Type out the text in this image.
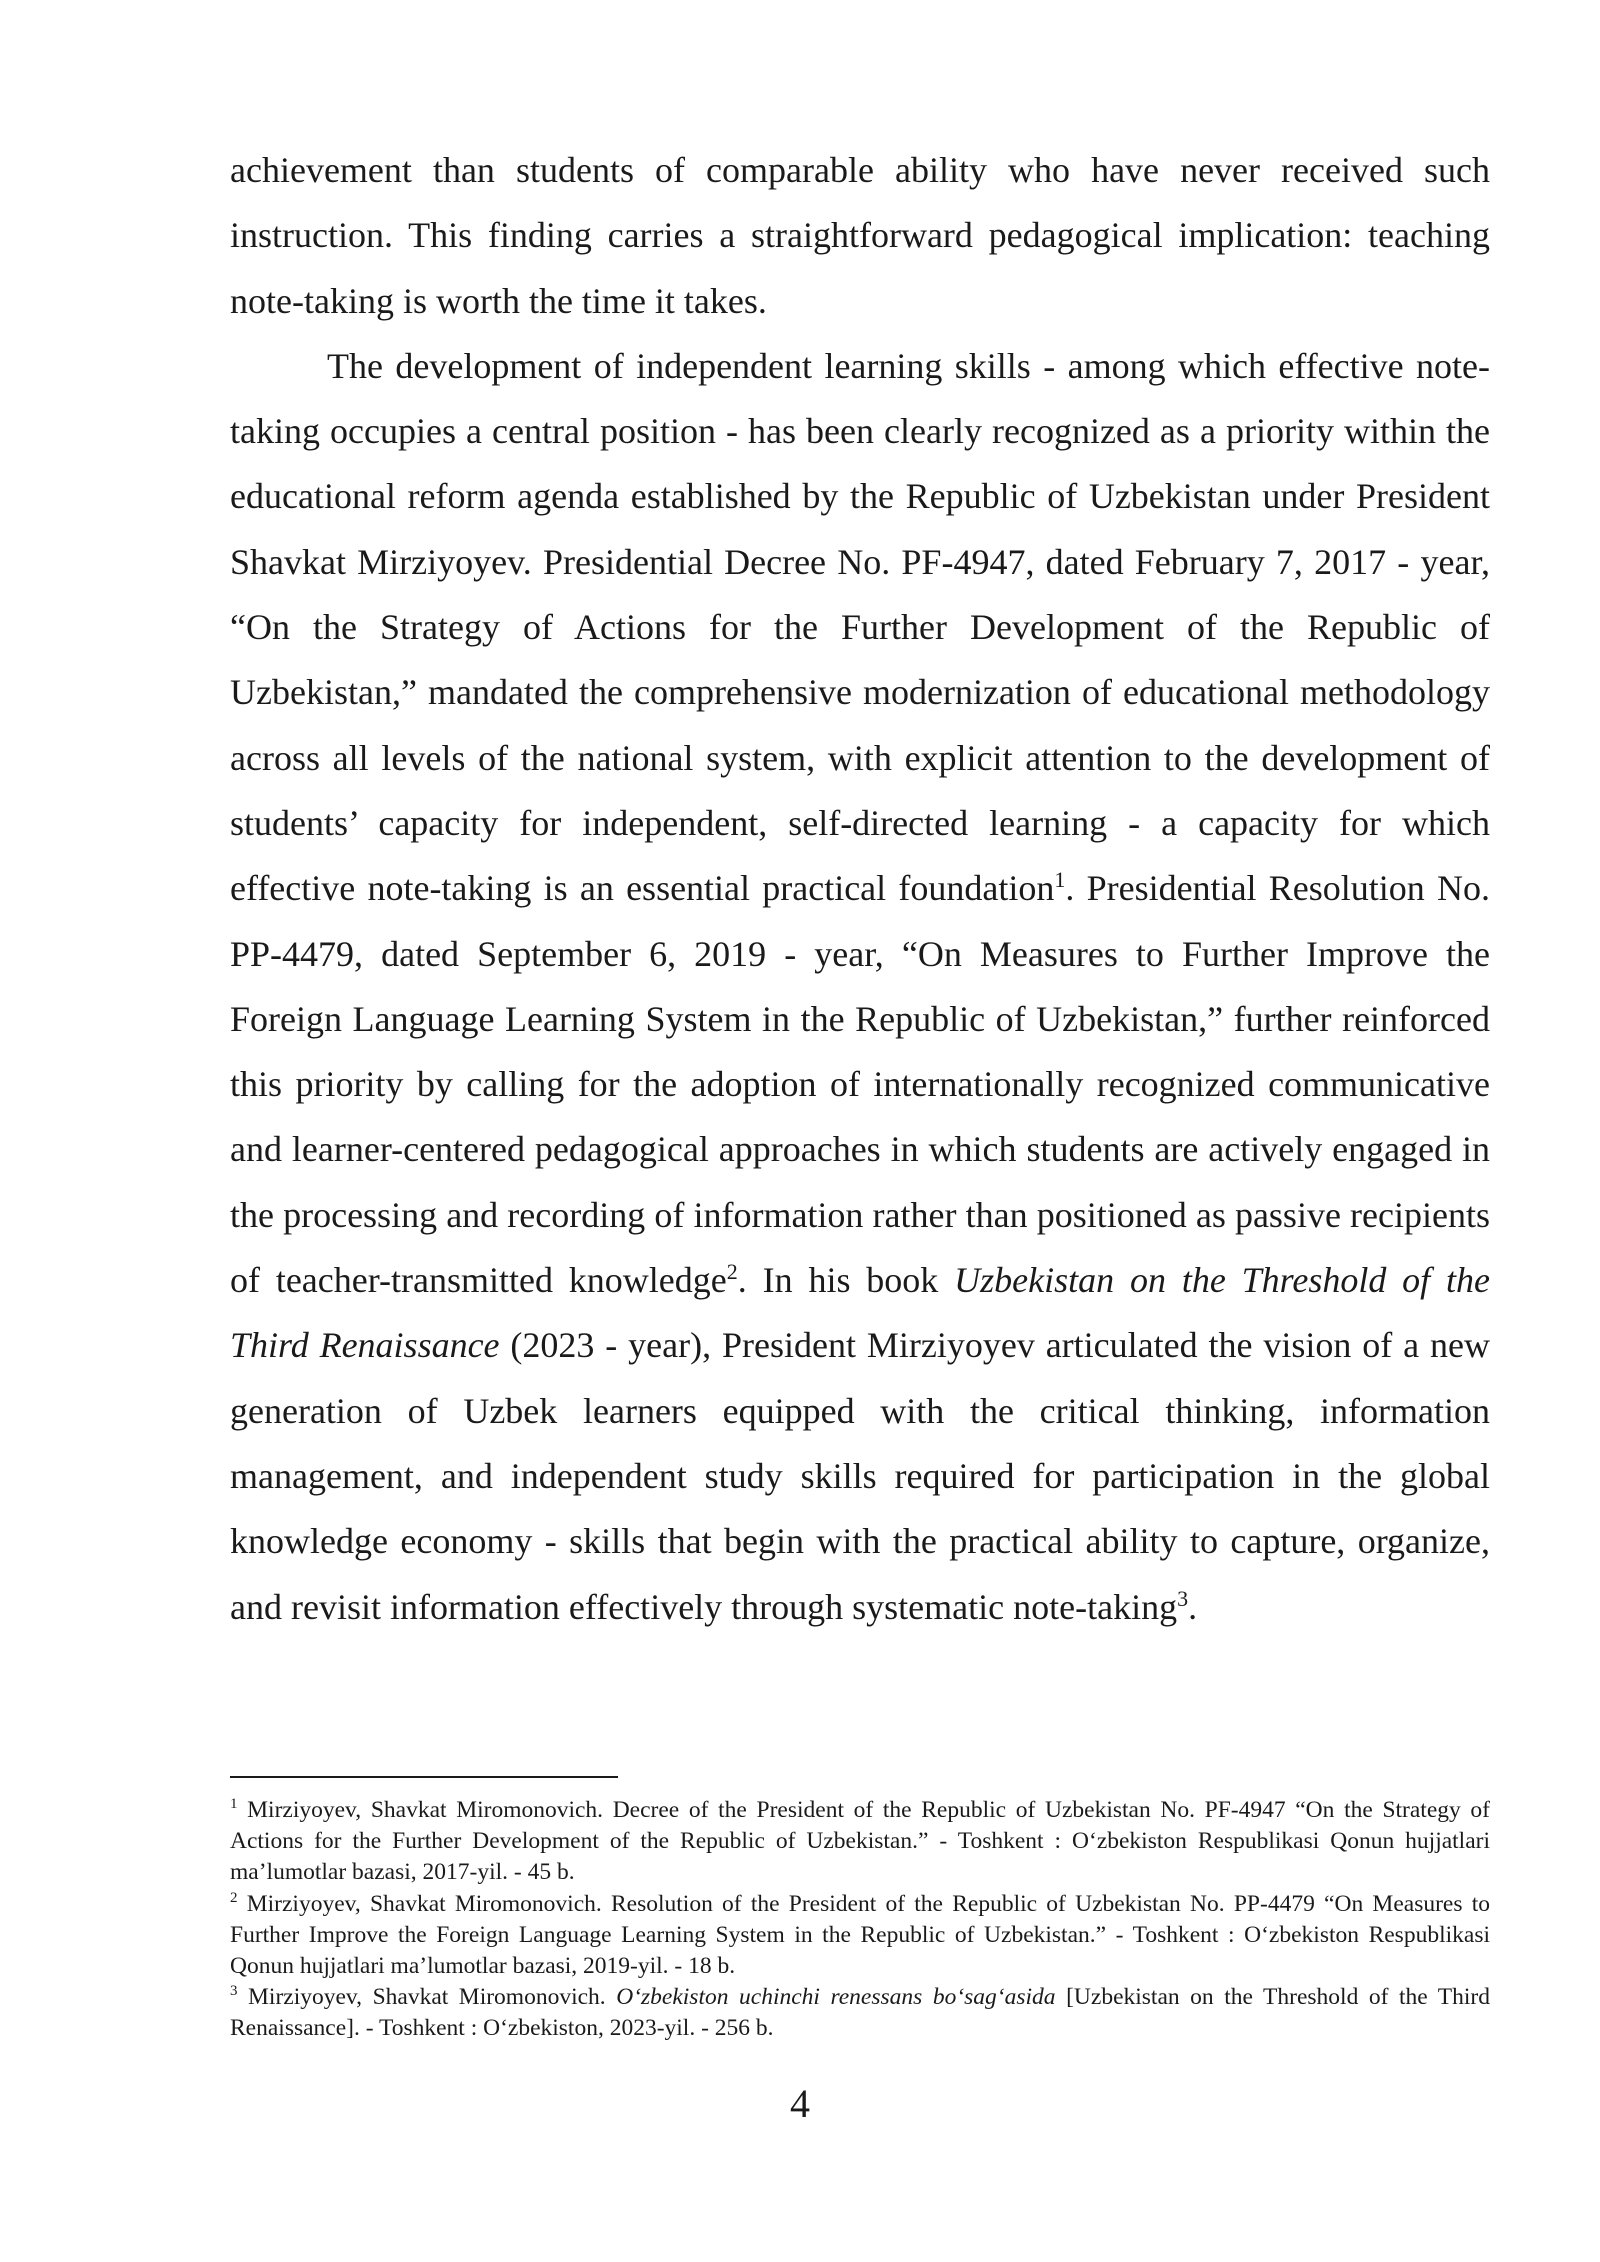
achievement than students of comparable ability who have never received such instruction. This finding carries a straightforward pedagogical implication: teaching note-taking is worth the time it takes.

The development of independent learning skills - among which effective note-taking occupies a central position - has been clearly recognized as a priority within the educational reform agenda established by the Republic of Uzbekistan under President Shavkat Mirziyoyev. Presidential Decree No. PF-4947, dated February 7, 2017 - year, “On the Strategy of Actions for the Further Development of the Republic of Uzbekistan,” mandated the comprehensive modernization of educational methodology across all levels of the national system, with explicit attention to the development of students’ capacity for independent, self-directed learning - a capacity for which effective note-taking is an essential practical foundation$^1$. Presidential Resolution No. PP-4479, dated September 6, 2019 - year, “On Measures to Further Improve the Foreign Language Learning System in the Republic of Uzbekistan,” further reinforced this priority by calling for the adoption of internationally recognized communicative and learner-centered pedagogical approaches in which students are actively engaged in the processing and recording of information rather than positioned as passive recipients of teacher-transmitted knowledge$^2$. In his book Uzbekistan on the Threshold of the Third Renaissance (2023 - year), President Mirziyoyev articulated the vision of a new generation of Uzbek learners equipped with the critical thinking, information management, and independent study skills required for participation in the global knowledge economy - skills that begin with the practical ability to capture, organize, and revisit information effectively through systematic note-taking$^3$.

$^1$ Mirziyoyev, Shavkat Miromonovich. Decree of the President of the Republic of Uzbekistan No. PF-4947 “On the Strategy of Actions for the Further Development of the Republic of Uzbekistan.” - Toshkent : O‘zbekiston Respublikasi Qonun hujjatlari ma’lumotlar bazasi, 2017-yil. - 45 b.

$^2$ Mirziyoyev, Shavkat Miromonovich. Resolution of the President of the Republic of Uzbekistan No. PP-4479 “On Measures to Further Improve the Foreign Language Learning System in the Republic of Uzbekistan.” - Toshkent : O‘zbekiston Respublikasi Qonun hujjatlari ma’lumotlar bazasi, 2019-yil. - 18 b.

$^3$ Mirziyoyev, Shavkat Miromonovich. O‘zbekiston uchinchi renessans bo‘sag‘asida [Uzbekistan on the Threshold of the Third Renaissance]. - Toshkent : O‘zbekiston, 2023-yil. - 256 b.

4
